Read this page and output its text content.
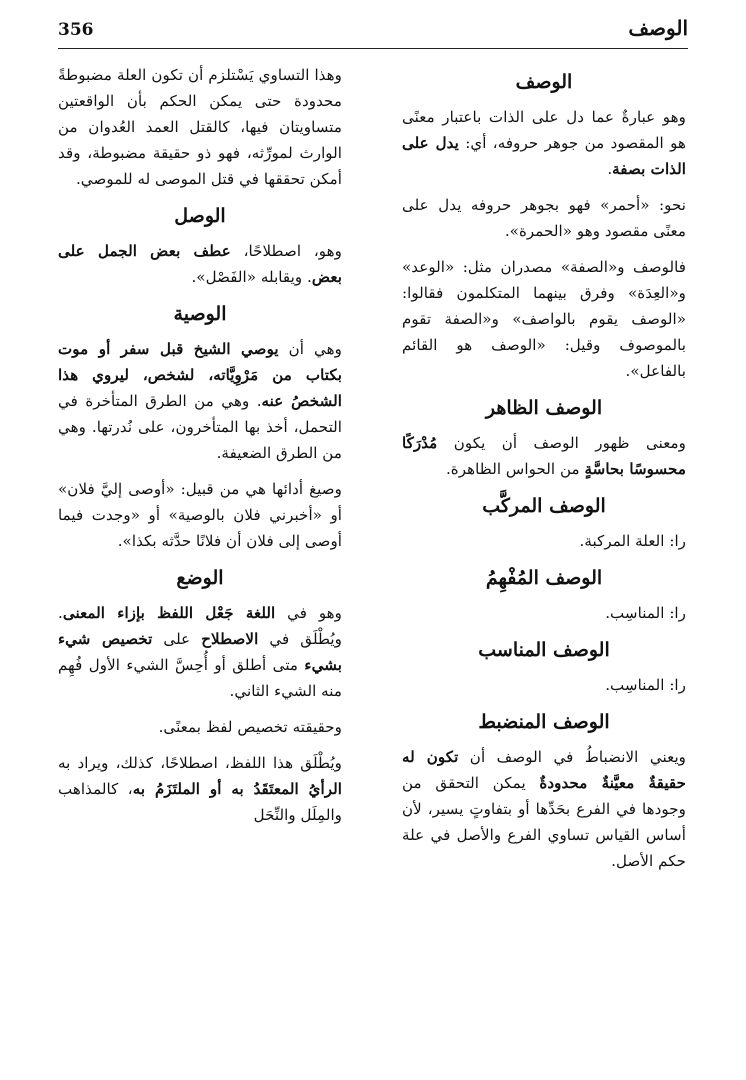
356	الوصف
الوصف

وهو عبارةٌ عما دل على الذات باعتبار معنًى هو المقصود من جوهر حروفه، أي: يدل على الذات بصفة.

نحو: «أحمر» فهو بجوهر حروفه يدل على معنًى مقصود وهو «الحمرة».

فالوصف و«الصفة» مصدران مثل: «الوعد» و«العِدَة» وفرق بينهما المتكلمون فقالوا: «الوصف يقوم بالواصف» و«الصفة تقوم بالموصوف وقيل: «الوصف هو القائم بالفاعل».

الوصف الظاهر

ومعنى ظهور الوصف أن يكون مُدْرَكًا محسوسًا بحاسَّةٍ من الحواس الظاهرة.

الوصف المركَّب

را: العلة المركبة.

الوصف المُفْهِمُ

را: المناسِب.

الوصف المناسب

را: المناسِب.

الوصف المنضبط

ويعني الانضباطُ في الوصف أن تكون له حقيقةٌ معيَّنةٌ محدودةٌ يمكن التحقق من وجودها في الفرع بحَدِّها أو بتفاوتٍ يسير، لأن أساس القياس تساوي الفرع والأصل في علة حكم الأصل.

وهذا التساوي يَسْتلزم أن تكون العلة مضبوطةً محدودة حتى يمكن الحكم بأن الواقعتين متساويتان فيها، كالقتل العمد العُدوان من الوارث لمورِّثه، فهو ذو حقيقة مضبوطة، وقد أمكن تحققها في قتل الموصى له للموصي.

الوصل

وهو، اصطلاحًا، عطف بعض الجمل على بعض. ويقابله «الفَصْل».

الوصية

وهي أن يوصي الشيخ قبل سفر أو موت بكتاب من مَرْوِيَّاته، لشخص، ليروي هذا الشخصُ عنه. وهي من الطرق المتأخرة في التحمل، أخذ بها المتأخرون، على نُدرتها. وهي من الطرق الضعيفة.

وصيغ أدائها هي من قبيل: «أوصى إليَّ فلان» أو «أخبرني فلان بالوصية» أو «وجدت فيما أوصى إلى فلان أن فلانًا حدَّثه بكذا».

الوضع

وهو في اللغة جَعْل اللفظ بإزاء المعنى. ويُطْلَق في الاصطلاح على تخصيص شيء بشيء متى أطلق أو أُحِسَّ الشيء الأول فُهِم منه الشيء الثاني.

وحقيقته تخصيص لفظ بمعنًى.

ويُطْلَق هذا اللفظ، اصطلاحًا، كذلك، ويراد به الرأيُ المعتَقَدُ به أو الملتَزَمُ به، كالمذاهب والمِلَل والنِّحَل
